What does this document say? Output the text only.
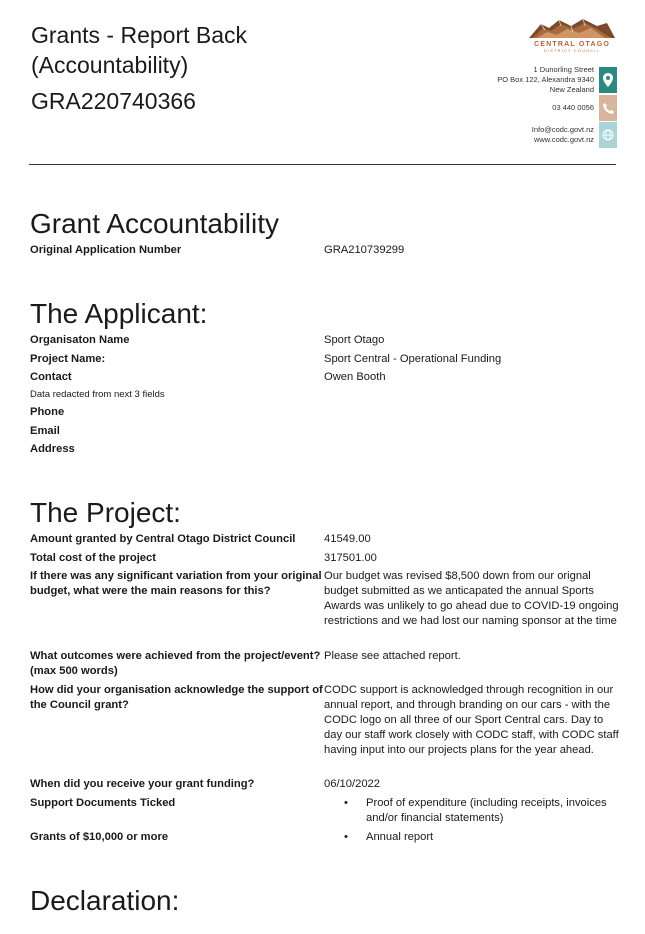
Grants - Report Back
(Accountability)
GRA220740366
CENTRAL OTAGO
DISTRICT COUNCIL
1 Dunorling Street
PO Box 122, Alexandra 9340
New Zealand
03 440 0056
Info@codc.govt.nz
www.codc.govt.nz
Grant Accountability
Original Application Number	GRA210739299
The Applicant:
Organisaton Name	Sport Otago
Project Name:	Sport Central - Operational Funding
Contact	Owen Booth
Data redacted from next 3 fields
Phone
Email
Address
The Project:
Amount granted by Central Otago District Council	41549.00
Total cost of the project	317501.00
If there was any significant variation from your original budget, what were the main reasons for this?
Our budget was revised $8,500 down from our orignal budget submitted as we anticapated the annual Sports Awards was unlikely to go ahead due to COVID-19 ongoing restrictions and we had lost our naming sponsor at the time
What outcomes were achieved from the project/event? (max 500 words)
Please see attached report.
How did your organisation acknowledge the support of the Council grant?
CODC support is acknowledged through recognition in our annual report, and through branding on our cars - with the CODC logo on all three of our Sport Central cars. Day to day our staff work closely with CODC staff, with CODC staff having input into our projects plans for the year ahead.
When did you receive your grant funding?	06/10/2022
Support Documents Ticked	•	Proof of expenditure (including receipts, invoices and/or financial statements)
Grants of $10,000 or more	•	Annual report
Declaration:
